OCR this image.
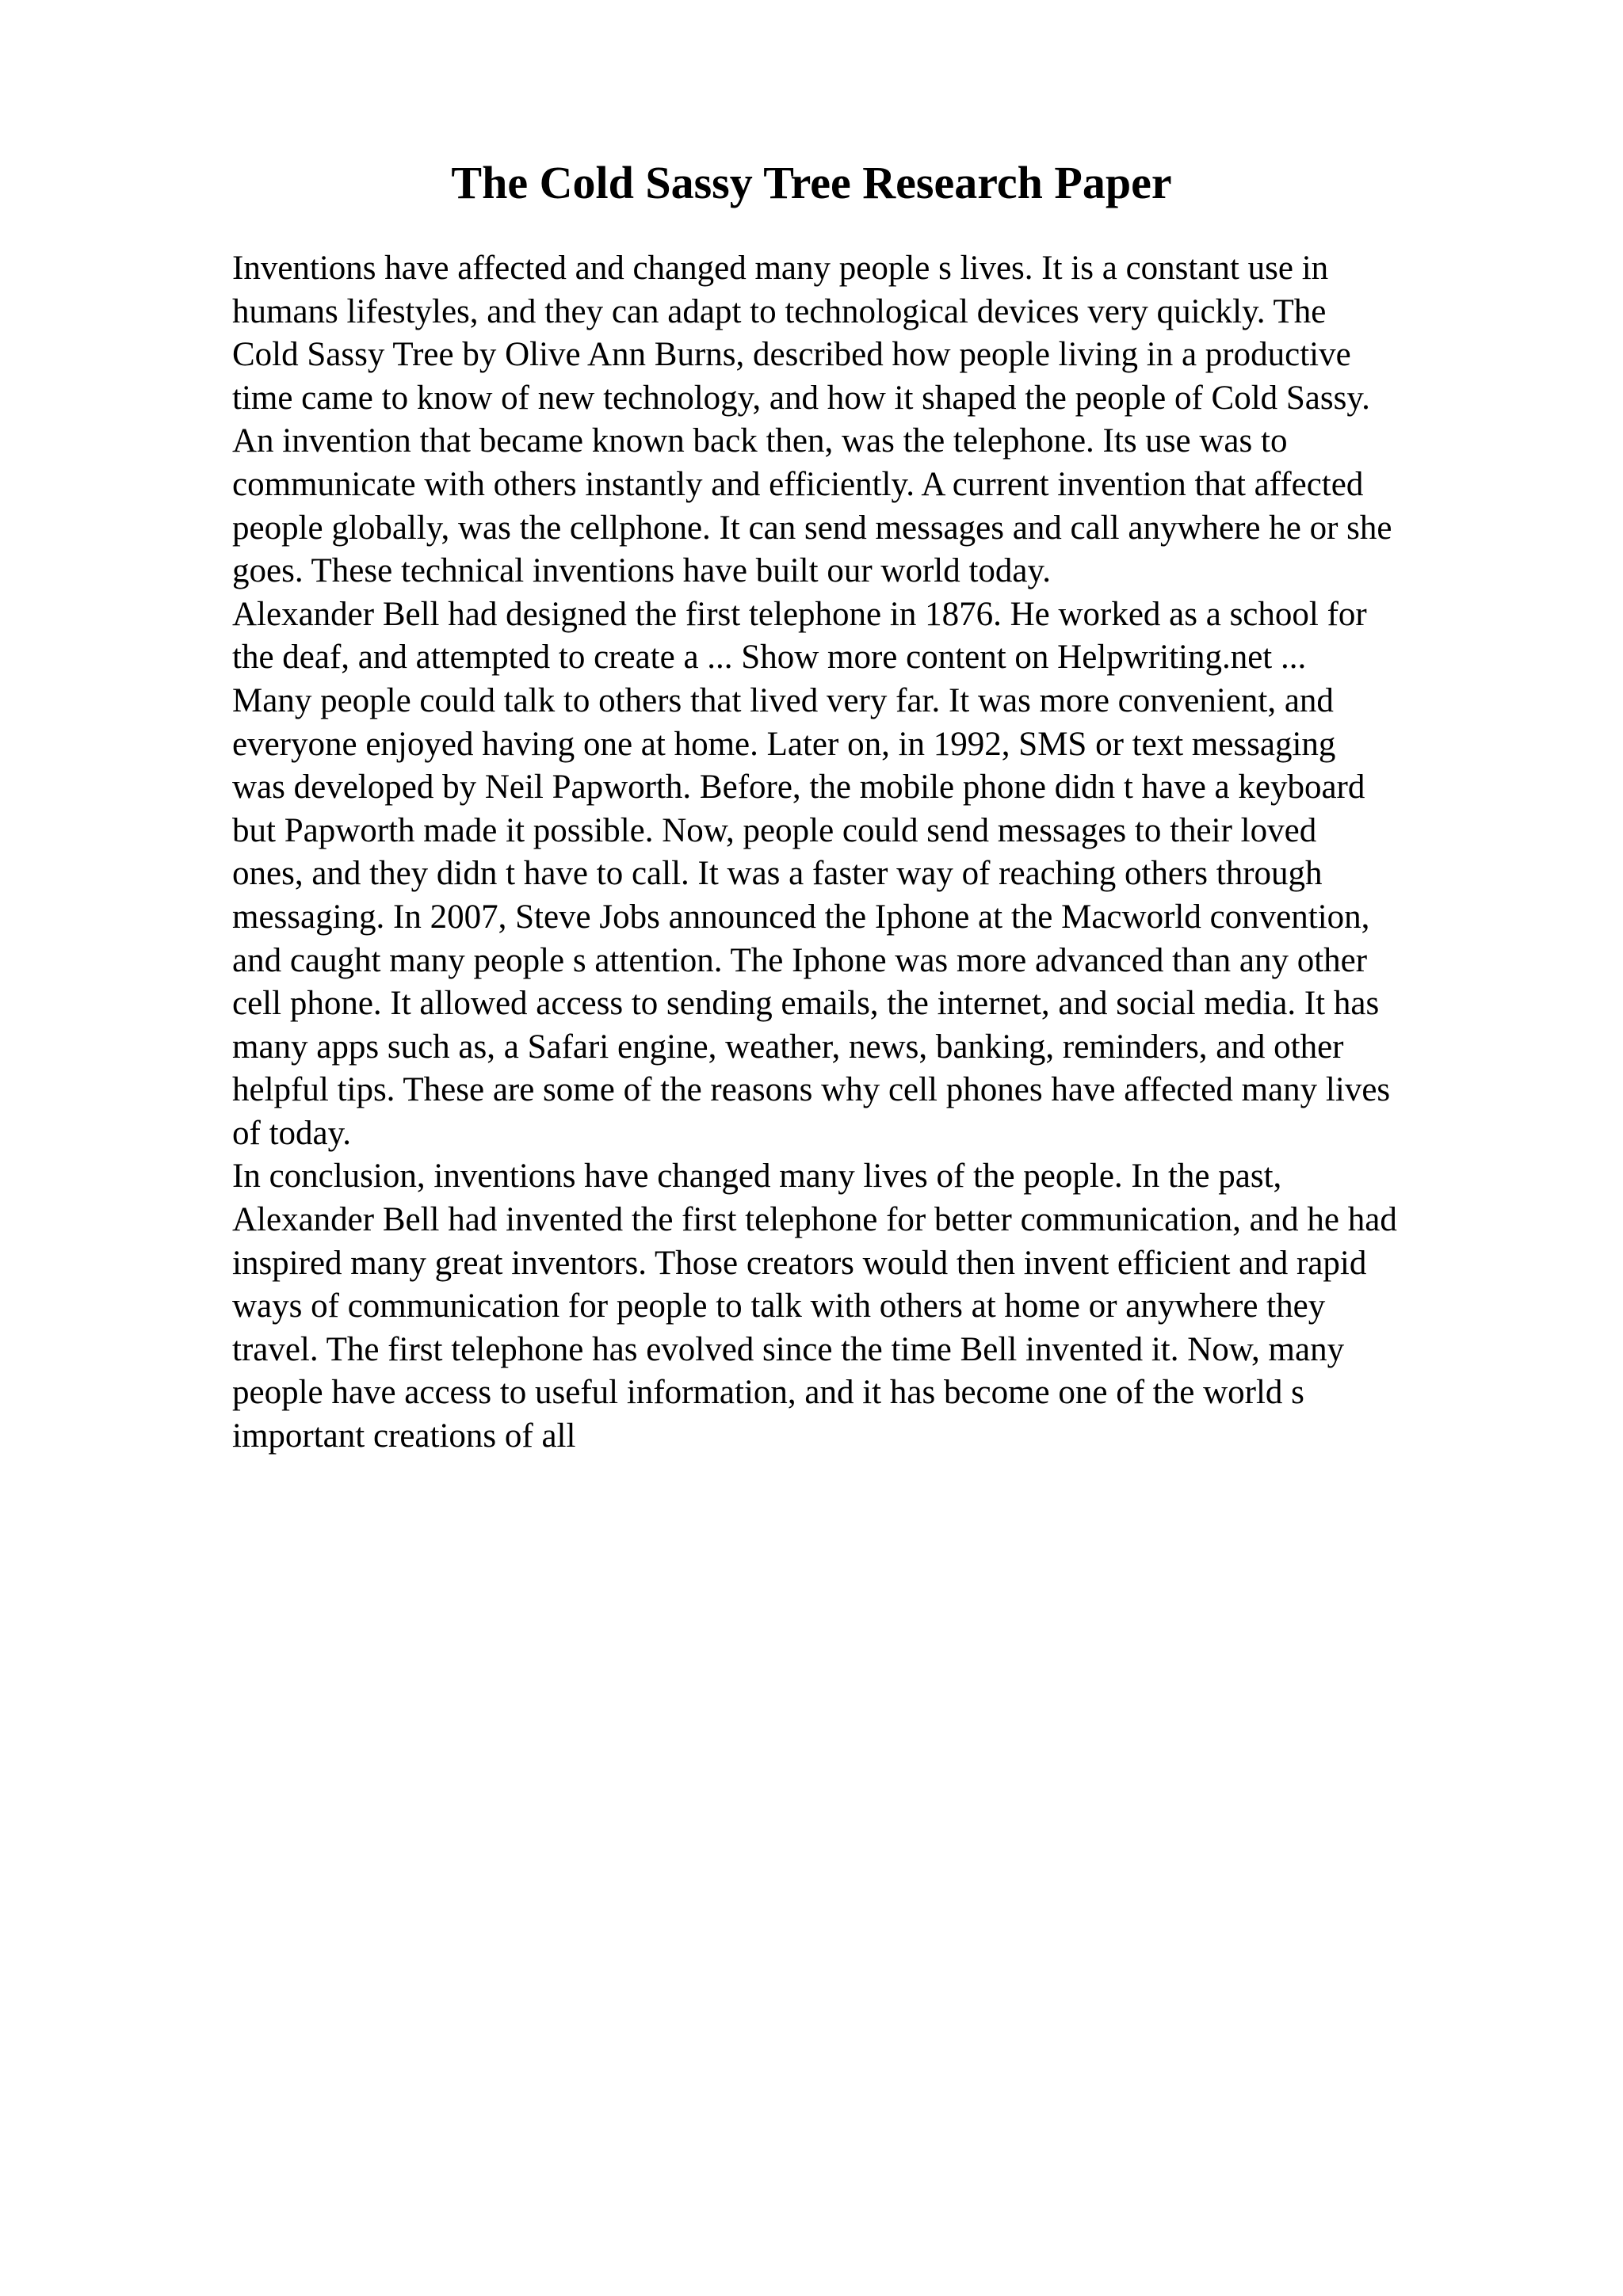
The Cold Sassy Tree Research Paper
Inventions have affected and changed many people s lives. It is a constant use in
humans lifestyles, and they can adapt to technological devices very quickly. The
Cold Sassy Tree by Olive Ann Burns, described how people living in a productive
time came to know of new technology, and how it shaped the people of Cold Sassy.
An invention that became known back then, was the telephone. Its use was to
communicate with others instantly and efficiently. A current invention that affected
people globally, was the cellphone. It can send messages and call anywhere he or she
goes. These technical inventions have built our world today.
Alexander Bell had designed the first telephone in 1876. He worked as a school for
the deaf, and attempted to create a ... Show more content on Helpwriting.net ...
Many people could talk to others that lived very far. It was more convenient, and
everyone enjoyed having one at home. Later on, in 1992, SMS or text messaging
was developed by Neil Papworth. Before, the mobile phone didn t have a keyboard
but Papworth made it possible. Now, people could send messages to their loved
ones, and they didn t have to call. It was a faster way of reaching others through
messaging. In 2007, Steve Jobs announced the Iphone at the Macworld convention,
and caught many people s attention. The Iphone was more advanced than any other
cell phone. It allowed access to sending emails, the internet, and social media. It has
many apps such as, a Safari engine, weather, news, banking, reminders, and other
helpful tips. These are some of the reasons why cell phones have affected many lives
of today.
In conclusion, inventions have changed many lives of the people. In the past,
Alexander Bell had invented the first telephone for better communication, and he had
inspired many great inventors. Those creators would then invent efficient and rapid
ways of communication for people to talk with others at home or anywhere they
travel. The first telephone has evolved since the time Bell invented it. Now, many
people have access to useful information, and it has become one of the world s
important creations of all
